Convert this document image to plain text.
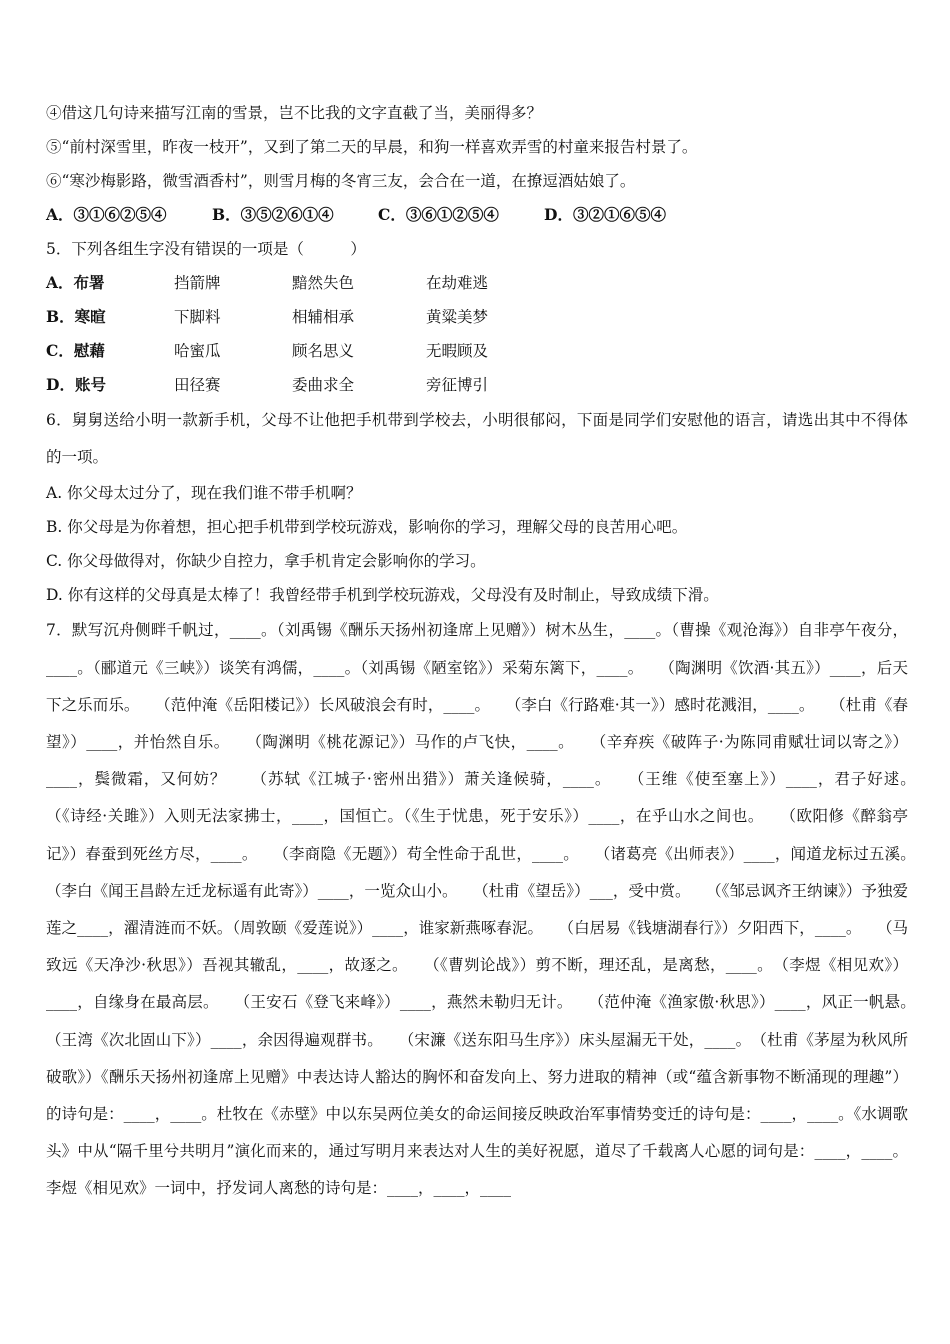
④借这几句诗来描写江南的雪景，岂不比我的文字直截了当，美丽得多？
⑤“前村深雪里，昨夜一枝开”，又到了第二天的早晨，和狗一样喜欢弄雪的村童来报告村景了。
⑥“寒沙梅影路，微雪酒香村”，则雪月梅的冬宵三友，会合在一道，在撩逗酒姑娘了。
A．③①⑥②⑤④	B．③⑤②⑥①④	C．③⑥①②⑤④	D．③②①⑥⑤④
5．下列各组生字没有错误的一项是（　　　）
A．布署	挡箭牌	黯然失色	在劫难逃
B．寒暄	下脚料	相辅相承	黄粱美梦
C．慰藉	哈蜜瓜	顾名思义	无暇顾及
D．账号	田径赛	委曲求全	旁征博引
6．舅舅送给小明一款新手机，父母不让他把手机带到学校去，小明很郁闷，下面是同学们安慰他的语言，请选出其中不得体的一项。
A. 你父母太过分了，现在我们谁不带手机啊？
B. 你父母是为你着想，担心把手机带到学校玩游戏，影响你的学习，理解父母的良苦用心吧。
C. 你父母做得对，你缺少自控力，拿手机肯定会影响你的学习。
D. 你有这样的父母真是太棒了！我曾经带手机到学校玩游戏，父母没有及时制止，导致成绩下滑。
7．默写沉舟侧畔千帆过，____。（刘禹锡《酬乐天扬州初逢席上见赠》）树木丛生，____。（曹操《观沧海》）自非亭午夜分，____。（郦道元《三峡》）谈笑有鸿儒，____。（刘禹锡《陋室铭》）采菊东篱下，____。　　（陶渊明《饮酒·其五》）____，后天下之乐而乐。　　（范仲淹《岳阳楼记》）长风破浪会有时，____。　　（李白《行路难·其一》）感时花溅泪，____。　　（杜甫《春望》）____，并怡然自乐。　　（陶渊明《桃花源记》）马作的卢飞快，____。　　（辛弃疾《破阵子·为陈同甫赋壮词以寄之》）____，鬓微霜，又何妨？　　（苏轼《江城子·密州出猎》）萧关逢候骑，____。　　（王维《使至塞上》）____，君子好逑。　　（《诗经·关雎》）入则无法家拂士，____，国恒亡。（《生于忧患，死于安乐》）____，在乎山水之间也。　　（欧阳修《醉翁亭记》）春蚕到死丝方尽，____。　　（李商隐《无题》）苟全性命于乱世，____。　　（诸葛亮《出师表》）____，闻道龙标过五溪。　　（李白《闻王昌龄左迁龙标遥有此寄》）____，一览众山小。　　（杜甫《望岳》）___，受中赏。　　（《邹忌讽齐王纳谏》）予独爱莲之____，濯清涟而不妖。（周敦颐《爱莲说》）____，谁家新燕啄春泥。　　（白居易《钱塘湖春行》）夕阳西下，____。　　（马致远《天净沙·秋思》）吾视其辙乱，____，故逐之。　　（《曹刿论战》）剪不断，理还乱，是离愁，____。　（李煜《相见欢》）____，自缘身在最高层。　　（王安石《登飞来峰》）____，燕然未勒归无计。　　（范仲淹《渔家傲·秋思》）____，风正一帆悬。　　（王湾《次北固山下》）____，余因得遍观群书。　　（宋濂《送东阳马生序》）床头屋漏无干处，____。　（杜甫《茅屋为秋风所破歌》）《酬乐天扬州初逢席上见赠》中表达诗人豁达的胸怀和奋发向上、努力进取的精神（或“蕴含新事物不断涌现的理趣”）的诗句是：____，____。杜牧在《赤壁》中以东吴两位美女的命运间接反映政治军事情势变迁的诗句是：____，____。《水调歌头》中从“隔千里兮共明月”演化而来的，通过写明月来表达对人生的美好祝愿，道尽了千载离人心愿的词句是：____，____。李煜《相见欢》一词中，抒发词人离愁的诗句是：____，____，____
